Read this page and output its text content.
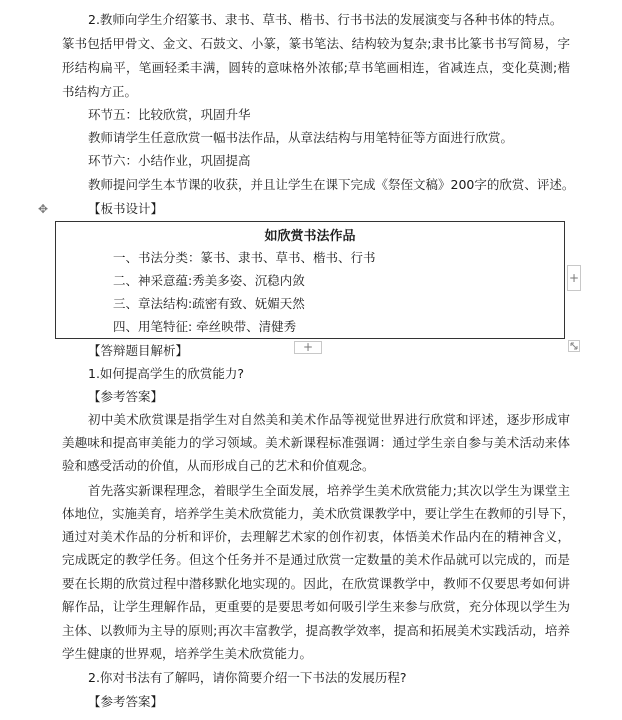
2.教师向学生介绍篆书、隶书、草书、楷书、行书书法的发展演变与各种书体的特点。
篆书包括甲骨文、金文、石鼓文、小篆，篆书笔法、结构较为复杂;隶书比篆书书写简易，字
形结构扁平，笔画轻柔丰满，圆转的意味格外浓郁;草书笔画相连，省减连点，变化莫测;楷
书结构方正。
环节五：比较欣赏，巩固升华
教师请学生任意欣赏一幅书法作品，从章法结构与用笔特征等方面进行欣赏。
环节六：小结作业，巩固提高
教师提问学生本节课的收获，并且让学生在课下完成《祭侄文稿》200字的欣赏、评述。
✥	【板书设计】
如欣赏书法作品
一、书法分类：篆书、隶书、草书、楷书、行书
二、神采意蕴:秀美多姿、沉稳内敛
三、章法结构:疏密有致、妩媚天然
四、用笔特征: 牵丝映带、清健秀
+
+
【答辩题目解析】
1.如何提高学生的欣赏能力?
【参考答案】
初中美术欣赏课是指学生对自然美和美术作品等视觉世界进行欣赏和评述，逐步形成审
美趣味和提高审美能力的学习领域。美术新课程标准强调：通过学生亲自参与美术活动来体
验和感受活动的价值，从而形成自己的艺术和价值观念。
首先落实新课程理念，着眼学生全面发展，培养学生美术欣赏能力;其次以学生为课堂主
体地位，实施美育，培养学生美术欣赏能力，美术欣赏课教学中，要让学生在教师的引导下，
通过对美术作品的分析和评价，去理解艺术家的创作初衷，体悟美术作品内在的精神含义，
完成既定的教学任务。但这个任务并不是通过欣赏一定数量的美术作品就可以完成的，而是
要在长期的欣赏过程中潜移默化地实现的。因此，在欣赏课教学中，教师不仅要思考如何讲
解作品，让学生理解作品，更重要的是要思考如何吸引学生来参与欣赏，充分体现以学生为
主体、以教师为主导的原则;再次丰富教学，提高教学效率，提高和拓展美术实践活动，培养
学生健康的世界观，培养学生美术欣赏能力。
2.你对书法有了解吗，请你简要介绍一下书法的发展历程?
【参考答案】
